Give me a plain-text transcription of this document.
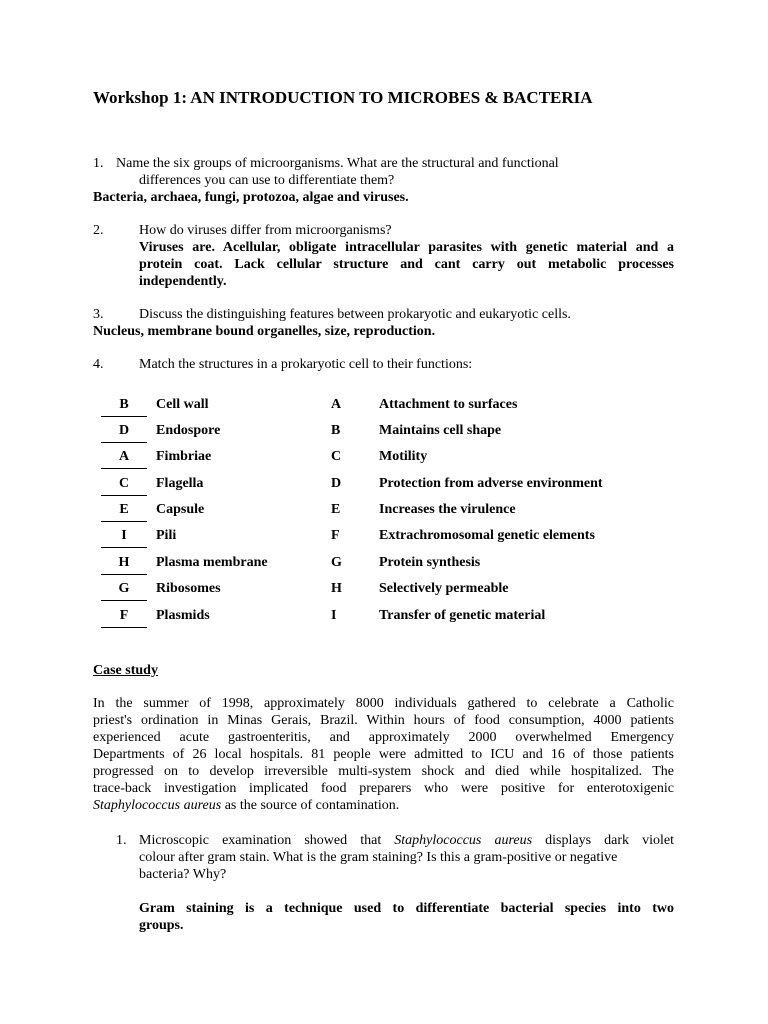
Workshop 1: AN INTRODUCTION TO MICROBES & BACTERIA
1. Name the six groups of microorganisms. What are the structural and functional
differences you can use to differentiate them?
Bacteria, archaea, fungi, protozoa, algae and viruses.
2.	How do viruses differ from microorganisms?
Viruses are. Acellular, obligate intracellular parasites with genetic material and a
protein coat. Lack cellular structure and cant carry out metabolic processes
independently.
3.	Discuss the distinguishing features between prokaryotic and eukaryotic cells.
Nucleus, membrane bound organelles, size, reproduction.
4.	Match the structures in a prokaryotic cell to their functions:
B	Cell wall	A	Attachment to surfaces
D	Endospore	B	Maintains cell shape
A	Fimbriae	C	Motility
C	Flagella	D	Protection from adverse environment
E	Capsule	E	Increases the virulence
I	Pili	F	Extrachromosomal genetic elements
H	Plasma membrane	G	Protein synthesis
G	Ribosomes	H	Selectively permeable
F	Plasmids	I	Transfer of genetic material
Case study
In the summer of 1998, approximately 8000 individuals gathered to celebrate a Catholic
priest's ordination in Minas Gerais, Brazil. Within hours of food consumption, 4000 patients
experienced acute gastroenteritis, and approximately 2000 overwhelmed Emergency
Departments of 26 local hospitals. 81 people were admitted to ICU and 16 of those patients
progressed on to develop irreversible multi-system shock and died while hospitalized. The
trace-back investigation implicated food preparers who were positive for enterotoxigenic
Staphylococcus aureus as the source of contamination.
1. Microscopic examination showed that Staphylococcus aureus displays dark violet
colour after gram stain. What is the gram staining? Is this a gram-positive or negative
bacteria? Why?
Gram staining is a technique used to differentiate bacterial species into two
groups.
